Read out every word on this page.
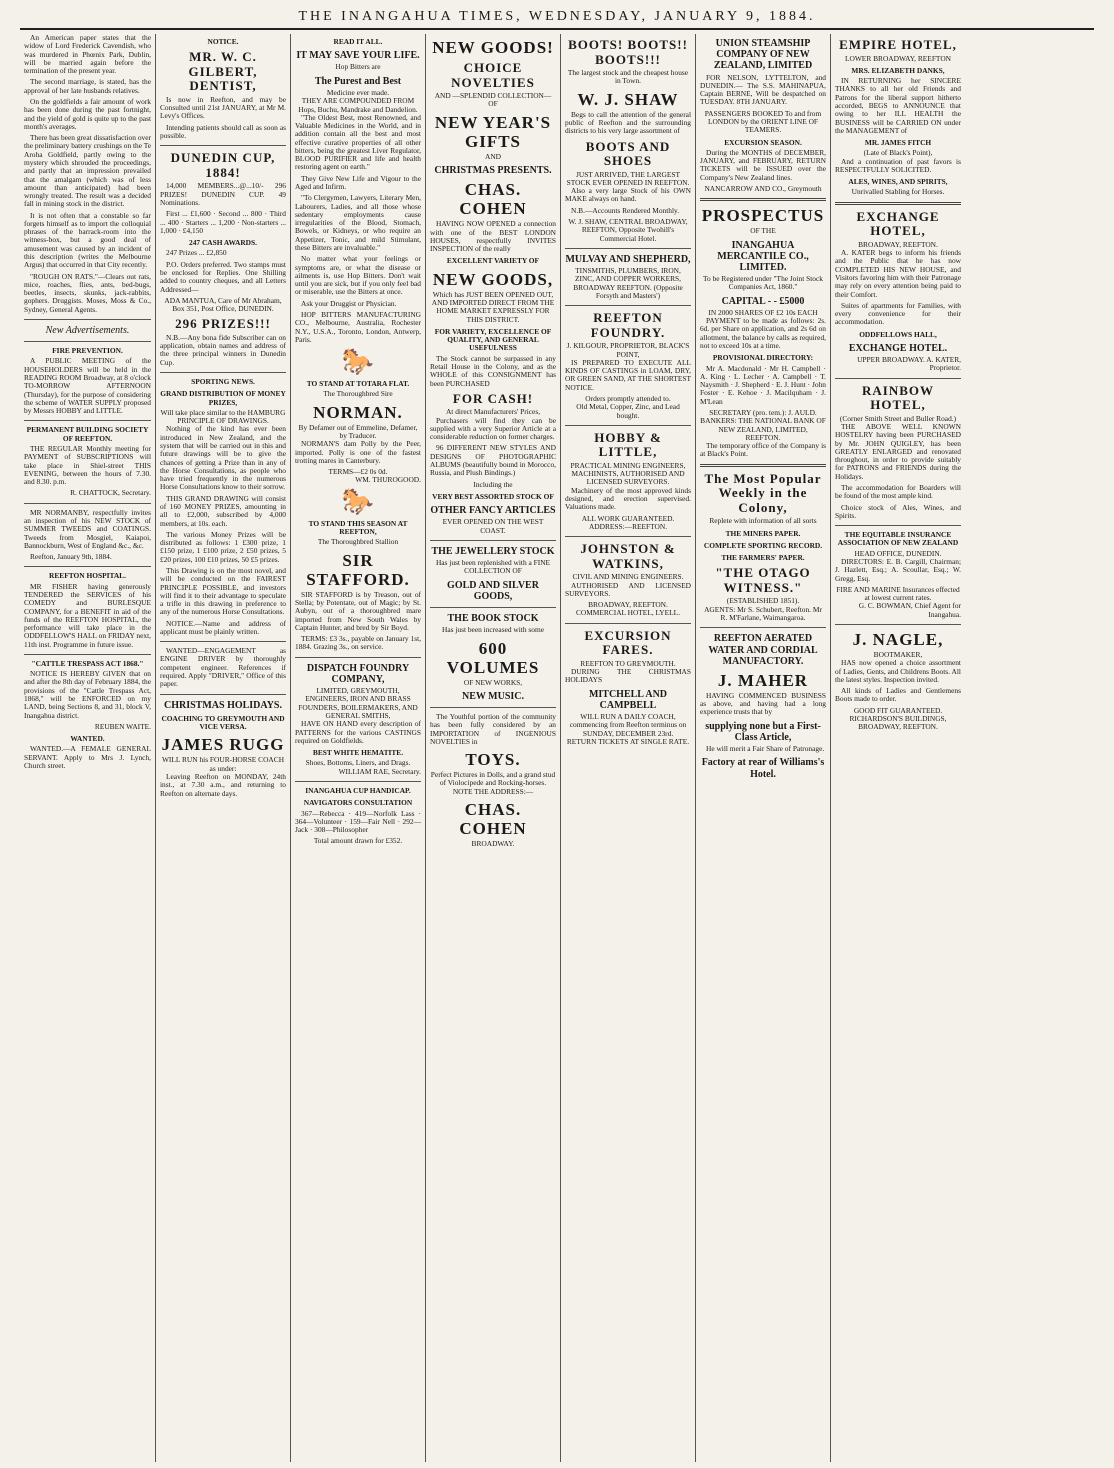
THE INANGAHUA TIMES, WEDNESDAY, JANUARY 9, 1884.

An American paper states that the widow of Lord Frederick Cavendish, who was murdered in Phœnix Park, Dublin, will be married again before the termination of the present year.

The second marriage, is stated, has the approval of her late husbands relatives.

On the goldfields a fair amount of work has been done during the past fortnight, and the yield of gold is quite up to the past month's averages.

There has been great dissatisfaction over the preliminary battery crushings on the Te Aroha Goldfield, partly owing to the mystery which shrouded the proceedings, and partly that an impression prevailed that the amalgam (which was of less amount than anticipated) had been wrongly treated. The result was a decided fall in mining stock in the district.

It is not often that a constable so far forgets himself as to import the colloquial phrases of the barrack-room into the witness-box, but a good deal of amusement was caused by an incident of this description (writes the Melbourne Argus) that occurred in that City recently.

"ROUGH ON RATS."—Clears out rats, mice, roaches, flies, ants, bed-bugs, beetles, insects, skunks, jack-rabbits, gophers. Druggists. Moses, Moss & Co., Sydney, General Agents.

New Advertisements.
FIRE PREVENTION.

A PUBLIC MEETING of the HOUSEHOLDERS will be held in the READING ROOM Broadway, at 8 o'clock TO-MORROW AFTERNOON (Thursday), for the purpose of considering the scheme of WATER SUPPLY proposed by Messrs HOBBY and LITTLE.

PERMANENT BUILDING SOCIETY OF REEFTON.

THE REGULAR Monthly meeting for PAYMENT of SUBSCRIPTIONS will take place in Shiel-street THIS EVENING, between the hours of 7.30. and 8.30. p.m.

R. CHATTOCK, Secretary.

MR NORMANBY, respectfully invites an inspection of his NEW STOCK of SUMMER TWEEDS and COATINGS. Tweeds from Mosgiel, Kaiapoi, Bannockburn, West of England &c., &c.

Reefton, January 9th, 1884.

REEFTON HOSPITAL.

MR FISHER having generously TENDERED the SERVICES of his COMEDY and BURLESQUE COMPANY, for a BENEFIT in aid of the funds of the REEFTON HOSPITAL, the performance will take place in the ODDFELLOW'S HALL on FRIDAY next, 11th inst. Programme in future issue.

"CATTLE TRESPASS ACT 1868."

NOTICE IS HEREBY GIVEN that on and after the 8th day of February 1884, the provisions of the "Cattle Trespass Act, 1868," will be ENFORCED on my LAND, being Sections 8, and 31, block V, Inangahua district.

REUBEN WAITE.
WANTED.

WANTED.—A FEMALE GENERAL SERVANT. Apply to Mrs J. Lynch, Church street.

NOTICE.
MR. W. C. GILBERT, DENTIST,

Is now in Reefton, and may be Consulted until 21st JANUARY, at Mr M. Levy's Offices.

Intending patients should call as soon as possible.

DUNEDIN CUP, 1884!

14,000 MEMBERS...@...10/- 296 PRIZES! DUNEDIN CUP. 49 Nominations.

First ... £1,600 · Second ... 800 · Third ... 400 · Starters ... 1,200 · Non-starters ... 1,000 · £4,150

247 CASH AWARDS.

247 Prizes ... £2,850

P.O. Orders preferred. Two stamps must be enclosed for Replies. One Shilling added to country cheques, and all Letters Addressed—

ADA MANTUA, Care of Mr Abraham, Box 351, Post Office, DUNEDIN.
296 PRIZES!!!

N.B.—Any bona fide Subscriber can on application, obtain names and address of the three principal winners in Dunedin Cup.

SPORTING NEWS.
GRAND DISTRIBUTION OF MONEY PRIZES,
Will take place similar to the HAMBURG PRINCIPLE OF DRAWINGS.

Nothing of the kind has ever been introduced in New Zealand, and the system that will be carried out in this and future drawings will be to give the chances of getting a Prize than in any of the Horse Consultations, as people who have tried frequently in the numerous Horse Consultations know to their sorrow.

THIS GRAND DRAWING will consist of 160 MONEY PRIZES, amounting in all to £2,000, subscribed by 4,000 members, at 10s. each.

The various Money Prizes will be distributed as follows: 1 £300 prize, 1 £150 prize, 1 £100 prize, 2 £50 prizes, 5 £20 prizes, 100 £10 prizes, 50 £5 prizes.

This Drawing is on the most novel, and will be conducted on the FAIREST PRINCIPLE POSSIBLE, and investors will find it to their advantage to speculate a trifle in this drawing in preference to any of the numerous Horse Consultations.

NOTICE.—Name and address of applicant must be plainly written.

WANTED—ENGAGEMENT as ENGINE DRIVER by thoroughly competent engineer. References if required. Apply "DRIVER," Office of this paper.

CHRISTMAS HOLIDAYS.
COACHING TO GREYMOUTH AND VICE VERSA.
JAMES RUGG
WILL RUN his FOUR-HORSE COACH as under:

Leaving Reefton on MONDAY, 24th inst., at 7.30 a.m., and returning to Reefton on alternate days.

READ IT ALL.
IT MAY SAVE YOUR LIFE.
Hop Bitters are
The Purest and Best
Medicine ever made.
THEY ARE COMPOUNDED FROM Hops, Buchu, Mandrake and Dandelion.

"The Oldest Best, most Renowned, and Valuable Medicines in the World, and in addition contain all the best and most effective curative properties of all other bitters, being the greatest Liver Regulator, BLOOD PURIFIER and life and health restoring agent on earth."

They Give New Life and Vigour to the Aged and Infirm.

"To Clergymen, Lawyers, Literary Men, Labourers, Ladies, and all those whose sedentary employments cause irregularities of the Blood, Stomach, Bowels, or Kidneys, or who require an Appetizer, Tonic, and mild Stimulant, these Bitters are invaluable."

No matter what your feelings or symptoms are, or what the disease or ailments is, use Hop Bitters. Don't wait until you are sick, but if you only feel bad or miserable, use the Bitters at once.

Ask your Druggist or Physician.

HOP BITTERS MANUFACTURING CO., Melbourne, Australia, Rochester N.Y., U.S.A., Toronto, London, Antwerp, Paris.

🐎
TO STAND AT TOTARA FLAT.
The Thoroughbred Sire
NORMAN.
By Defamer out of Emmeline, Defamer, by Traducer.

NORMAN'S dam Polly by the Peer, imported. Polly is one of the fastest trotting mares in Canterbury.

TERMS—£2 0s 0d.
WM. THUROGOOD.
🐎
TO STAND THIS SEASON AT REEFTON,
The Thoroughbred Stallion
SIR STAFFORD.

SIR STAFFORD is by Treason, out of Stella; by Potentate, out of Magic; by St. Aubyn, out of a thoroughbred mare imported from New South Wales by Captain Hunter, and bred by Sir Boyd.

TERMS: £3 3s., payable on January 1st, 1884. Grazing 3s., on service.

DISPATCH FOUNDRY COMPANY,
LIMITED, GREYMOUTH, ENGINEERS, IRON AND BRASS FOUNDERS, BOILERMAKERS, AND GENERAL SMITHS,

HAVE ON HAND every description of PATTERNS for the various CASTINGS required on Goldfields.

BEST WHITE HEMATITE.
Shoes, Bottoms, Liners, and Drags.
WILLIAM RAE, Secretary.
INANGAHUA CUP HANDICAP.
NAVIGATORS CONSULTATION

367—Rebecca · 419—Norfolk Lass · 364—Volunteer · 159—Fair Nell · 292—Jack · 308—Philosopher

Total amount drawn for £352.
NEW GOODS!
CHOICE NOVELTIES
AND —SPLENDID COLLECTION— OF
NEW YEAR'S GIFTS
AND
CHRISTMAS PRESENTS.
CHAS. COHEN

HAVING NOW OPENED a connection with one of the BEST LONDON HOUSES, respectfully INVITES INSPECTION of the really

EXCELLENT VARIETY OF
NEW GOODS,
Which has JUST BEEN OPENED OUT, AND IMPORTED DIRECT FROM THE HOME MARKET EXPRESSLY FOR THIS DISTRICT.
FOR VARIETY, EXCELLENCE OF QUALITY, AND GENERAL USEFULNESS

The Stock cannot be surpassed in any Retail House in the Colony, and as the WHOLE of this CONSIGNMENT has been PURCHASED

FOR CASH!
At direct Manufacturers' Prices,

Purchasers will find they can be supplied with a very Superior Article at a considerable reduction on former charges.

96 DIFFERENT NEW STYLES AND DESIGNS OF PHOTOGRAPHIC ALBUMS (beautifully bound in Morocco, Russia, and Plush Bindings.)

Including the
VERY BEST ASSORTED STOCK OF
OTHER FANCY ARTICLES
EVER OPENED ON THE WEST COAST.
THE JEWELLERY STOCK
Has just been replenished with a FINE COLLECTION OF
GOLD AND SILVER GOODS,
THE BOOK STOCK
Has just been increased with some
600 VOLUMES
OF NEW WORKS,
NEW MUSIC.

The Youthful portion of the community has been fully considered by an IMPORTATION of INGENIOUS NOVELTIES in

TOYS.
Perfect Pictures in Dolls, and a grand stud of Violocipede and Rocking-horses.
NOTE THE ADDRESS:—
CHAS. COHEN
BROADWAY.
BOOTS! BOOTS!! BOOTS!!!
The largest stock and the cheapest house in Town.
W. J. SHAW

Begs to call the attention of the general public of Reefton and the surrounding districts to his very large assortment of

BOOTS AND SHOES
JUST ARRIVED, THE LARGEST STOCK EVER OPENED IN REEFTON.

Also a very large Stock of his OWN MAKE always on hand.

N.B.—Accounts Rendered Monthly.

W. J. SHAW, CENTRAL BROADWAY, REEFTON, Opposite Twohill's Commercial Hotel.
MULVAY AND SHEPHERD,
TINSMITHS, PLUMBERS, IRON, ZINC, AND COPPER WORKERS, BROADWAY REEFTON. (Opposite Forsyth and Masters')
REEFTON FOUNDRY.
J. KILGOUR, PROPRIETOR, BLACK'S POINT,

IS PREPARED TO EXECUTE ALL KINDS OF CASTINGS in LOAM, DRY, OR GREEN SAND, AT THE SHORTEST NOTICE.

Orders promptly attended to.
Old Metal, Copper, Zinc, and Lead bought.
HOBBY & LITTLE,
PRACTICAL MINING ENGINEERS, MACHINISTS, AUTHORISED AND LICENSED SURVEYORS.

Machinery of the most approved kinds designed, and erection supervised. Valuations made.

ALL WORK GUARANTEED.
ADDRESS:—REEFTON.
JOHNSTON & WATKINS,
CIVIL AND MINING ENGINEERS.

AUTHORISED AND LICENSED SURVEYORS.

BROADWAY, REEFTON.
COMMERCIAL HOTEL, LYELL.
EXCURSION FARES.
REEFTON TO GREYMOUTH.

DURING THE CHRISTMAS HOLIDAYS

MITCHELL AND CAMPBELL
WILL RUN A DAILY COACH, commencing from Reefton terminus on SUNDAY, DECEMBER 23rd.
RETURN TICKETS AT SINGLE RATE.
UNION STEAMSHIP COMPANY OF NEW ZEALAND, LIMITED

FOR NELSON, LYTTELTON, and DUNEDIN.— The S.S. MAHINAPUA, Captain BERNE, Will be despatched on TUESDAY. 8TH JANUARY.

PASSENGERS BOOKED To and from LONDON by the ORIENT LINE OF TEAMERS.
EXCURSION SEASON.

During the MONTHS of DECEMBER, JANUARY, and FEBRUARY, RETURN TICKETS will be ISSUED over the Company's New Zealand lines.

NANCARROW AND CO., Greymouth
PROSPECTUS
OF THE
INANGAHUA MERCANTILE CO., LIMITED.
To be Registered under "The Joint Stock Companies Act, 1860."
CAPITAL - - £5000
IN 2000 SHARES OF £2 10s EACH

PAYMENT to be made as follows: 2s. 6d. per Share on application, and 2s 6d on allotment, the balance by calls as required, not to exceed 10s at a time.

PROVISIONAL DIRECTORY:

Mr A. Macdonald · Mr H. Campbell · A. King · L. Lecher · A. Campbell · T. Naysmith · J. Shepherd · E. J. Hunt · John Foster · E. Kehoe · J. Macilquham · J. M'Lean

SECRETARY (pro. tem.): J. AULD.
BANKERS: THE NATIONAL BANK OF NEW ZEALAND, LIMITED, REEFTON.

The temporary office of the Company is at Black's Point.

The Most Popular Weekly in the Colony,
Replete with information of all sorts
THE MINERS PAPER.
COMPLETE SPORTING RECORD.
THE FARMERS' PAPER.
"THE OTAGO WITNESS."
(ESTABLISHED 1851).
AGENTS: Mr S. Schubert, Reefton. Mr R. M'Farlane, Waimangaroa.
REEFTON AERATED WATER AND CORDIAL MANUFACTORY.
J. MAHER

HAVING COMMENCED BUSINESS as above, and having had a long experience trusts that by

supplying none but a First-Class Article,

He will merit a Fair Share of Patronage.

Factory at rear of Williams's Hotel.
EMPIRE HOTEL,
LOWER BROADWAY, REEFTON
MRS. ELIZABETH DANKS,

IN RETURNING her SINCERE THANKS to all her old Friends and Patrons for the liberal support hitherto accorded, BEGS to ANNOUNCE that owing to her ILL HEALTH the BUSINESS will be CARRIED ON under the MANAGEMENT of

MR. JAMES FITCH
(Late of Black's Point),

And a continuation of past favors is RESPECTFULLY SOLICITED.

ALES, WINES, AND SPIRITS,
Unrivalled Stabling for Horses.
EXCHANGE HOTEL,
BROADWAY, REEFTON.

A. KATER begs to inform his friends and the Public that he has now COMPLETED HIS NEW HOUSE, and Visitors favoring him with their Patronage may rely on every attention being paid to their Comfort.

Suites of apartments for Families, with every convenience for their accommodation.

ODDFELLOWS HALL,
EXCHANGE HOTEL.
UPPER BROADWAY. A. KATER, Proprietor.
RAINBOW HOTEL,
(Corner Smith Street and Buller Road.)

THE ABOVE WELL KNOWN HOSTELRY having been PURCHASED by Mr. JOHN QUIGLEY, has been GREATLY ENLARGED and renovated throughout, in order to provide suitably for PATRONS and FRIENDS during the Holidays.

The accommodation for Boarders will be found of the most ample kind.

Choice stock of Ales, Wines, and Spirits.

THE EQUITABLE INSURANCE ASSOCIATION OF NEW ZEALAND
HEAD OFFICE, DUNEDIN.

DIRECTORS: E. B. Cargill, Chairman; J. Hazlett, Esq.; A. Scoullar, Esq.; W. Gregg, Esq.

FIRE AND MARINE Insurances effected at lowest current rates.
G. C. BOWMAN, Chief Agent for Inangahua.
J. NAGLE,
BOOTMAKER,

HAS now opened a choice assortment of Ladies, Gents, and Childrens Boots. All the latest styles. Inspection invited.

All kinds of Ladies and Gentlemens Boots made to order.

GOOD FIT GUARANTEED.
RICHARDSON'S BUILDINGS, BROADWAY, REEFTON.
